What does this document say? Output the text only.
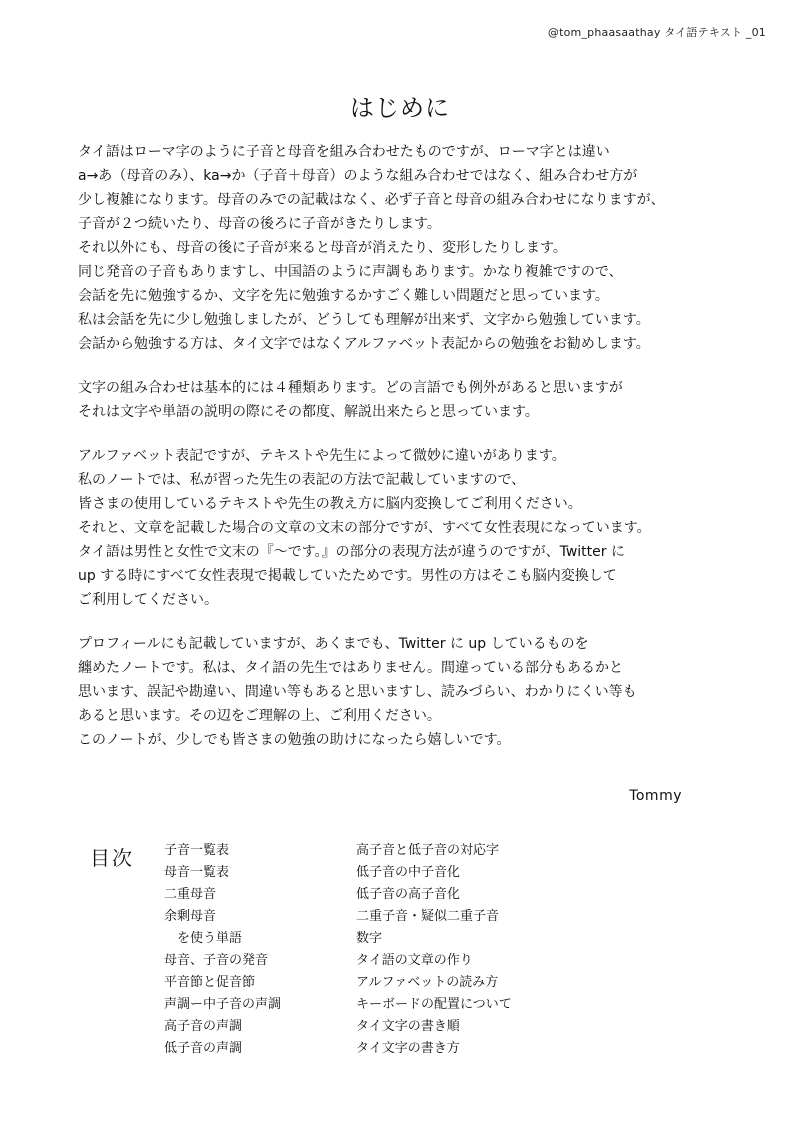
@tom_phaasaathay タイ語テキスト _01
はじめに
タイ語はローマ字のように子音と母音を組み合わせたものですが、ローマ字とは違い
a→あ（母音のみ）、ka→か（子音＋母音）のような組み合わせではなく、組み合わせ方が
少し複雑になります。母音のみでの記載はなく、必ず子音と母音の組み合わせになりますが、
子音が２つ続いたり、母音の後ろに子音がきたりします。
それ以外にも、母音の後に子音が来ると母音が消えたり、変形したりします。
同じ発音の子音もありますし、中国語のように声調もあります。かなり複雑ですので、
会話を先に勉強するか、文字を先に勉強するかすごく難しい問題だと思っています。
私は会話を先に少し勉強しましたが、どうしても理解が出来ず、文字から勉強しています。
会話から勉強する方は、タイ文字ではなくアルファベット表記からの勉強をお勧めします。
文字の組み合わせは基本的には４種類あります。どの言語でも例外があると思いますが
それは文字や単語の説明の際にその都度、解説出来たらと思っています。
アルファベット表記ですが、テキストや先生によって微妙に違いがあります。
私のノートでは、私が習った先生の表記の方法で記載していますので、
皆さまの使用しているテキストや先生の教え方に脳内変換してご利用ください。
それと、文章を記載した場合の文章の文末の部分ですが、すべて女性表現になっています。
タイ語は男性と女性で文末の『～です。』の部分の表現方法が違うのですが、Twitter に
up する時にすべて女性表現で掲載していたためです。男性の方はそこも脳内変換して
ご利用してください。
プロフィールにも記載していますが、あくまでも、Twitter に up しているものを
纏めたノートです。私は、タイ語の先生ではありません。間違っている部分もあるかと
思います、誤記や勘違い、間違い等もあると思いますし、読みづらい、わかりにくい等も
あると思います。その辺をご理解の上、ご利用ください。
このノートが、少しでも皆さまの勉強の助けになったら嬉しいです。
Tommy
目次 子音一覧表
母音一覧表
二重母音
余剰母音
を使う単語
母音、子音の発音
平音節と促音節
声調ー中子音の声調
高子音の声調
低子音の声調
高子音と低子音の対応字
低子音の中子音化
低子音の高子音化
二重子音・疑似二重子音
数字
タイ語の文章の作り
アルファベットの読み方
キーボードの配置について
タイ文字の書き順
タイ文字の書き方
